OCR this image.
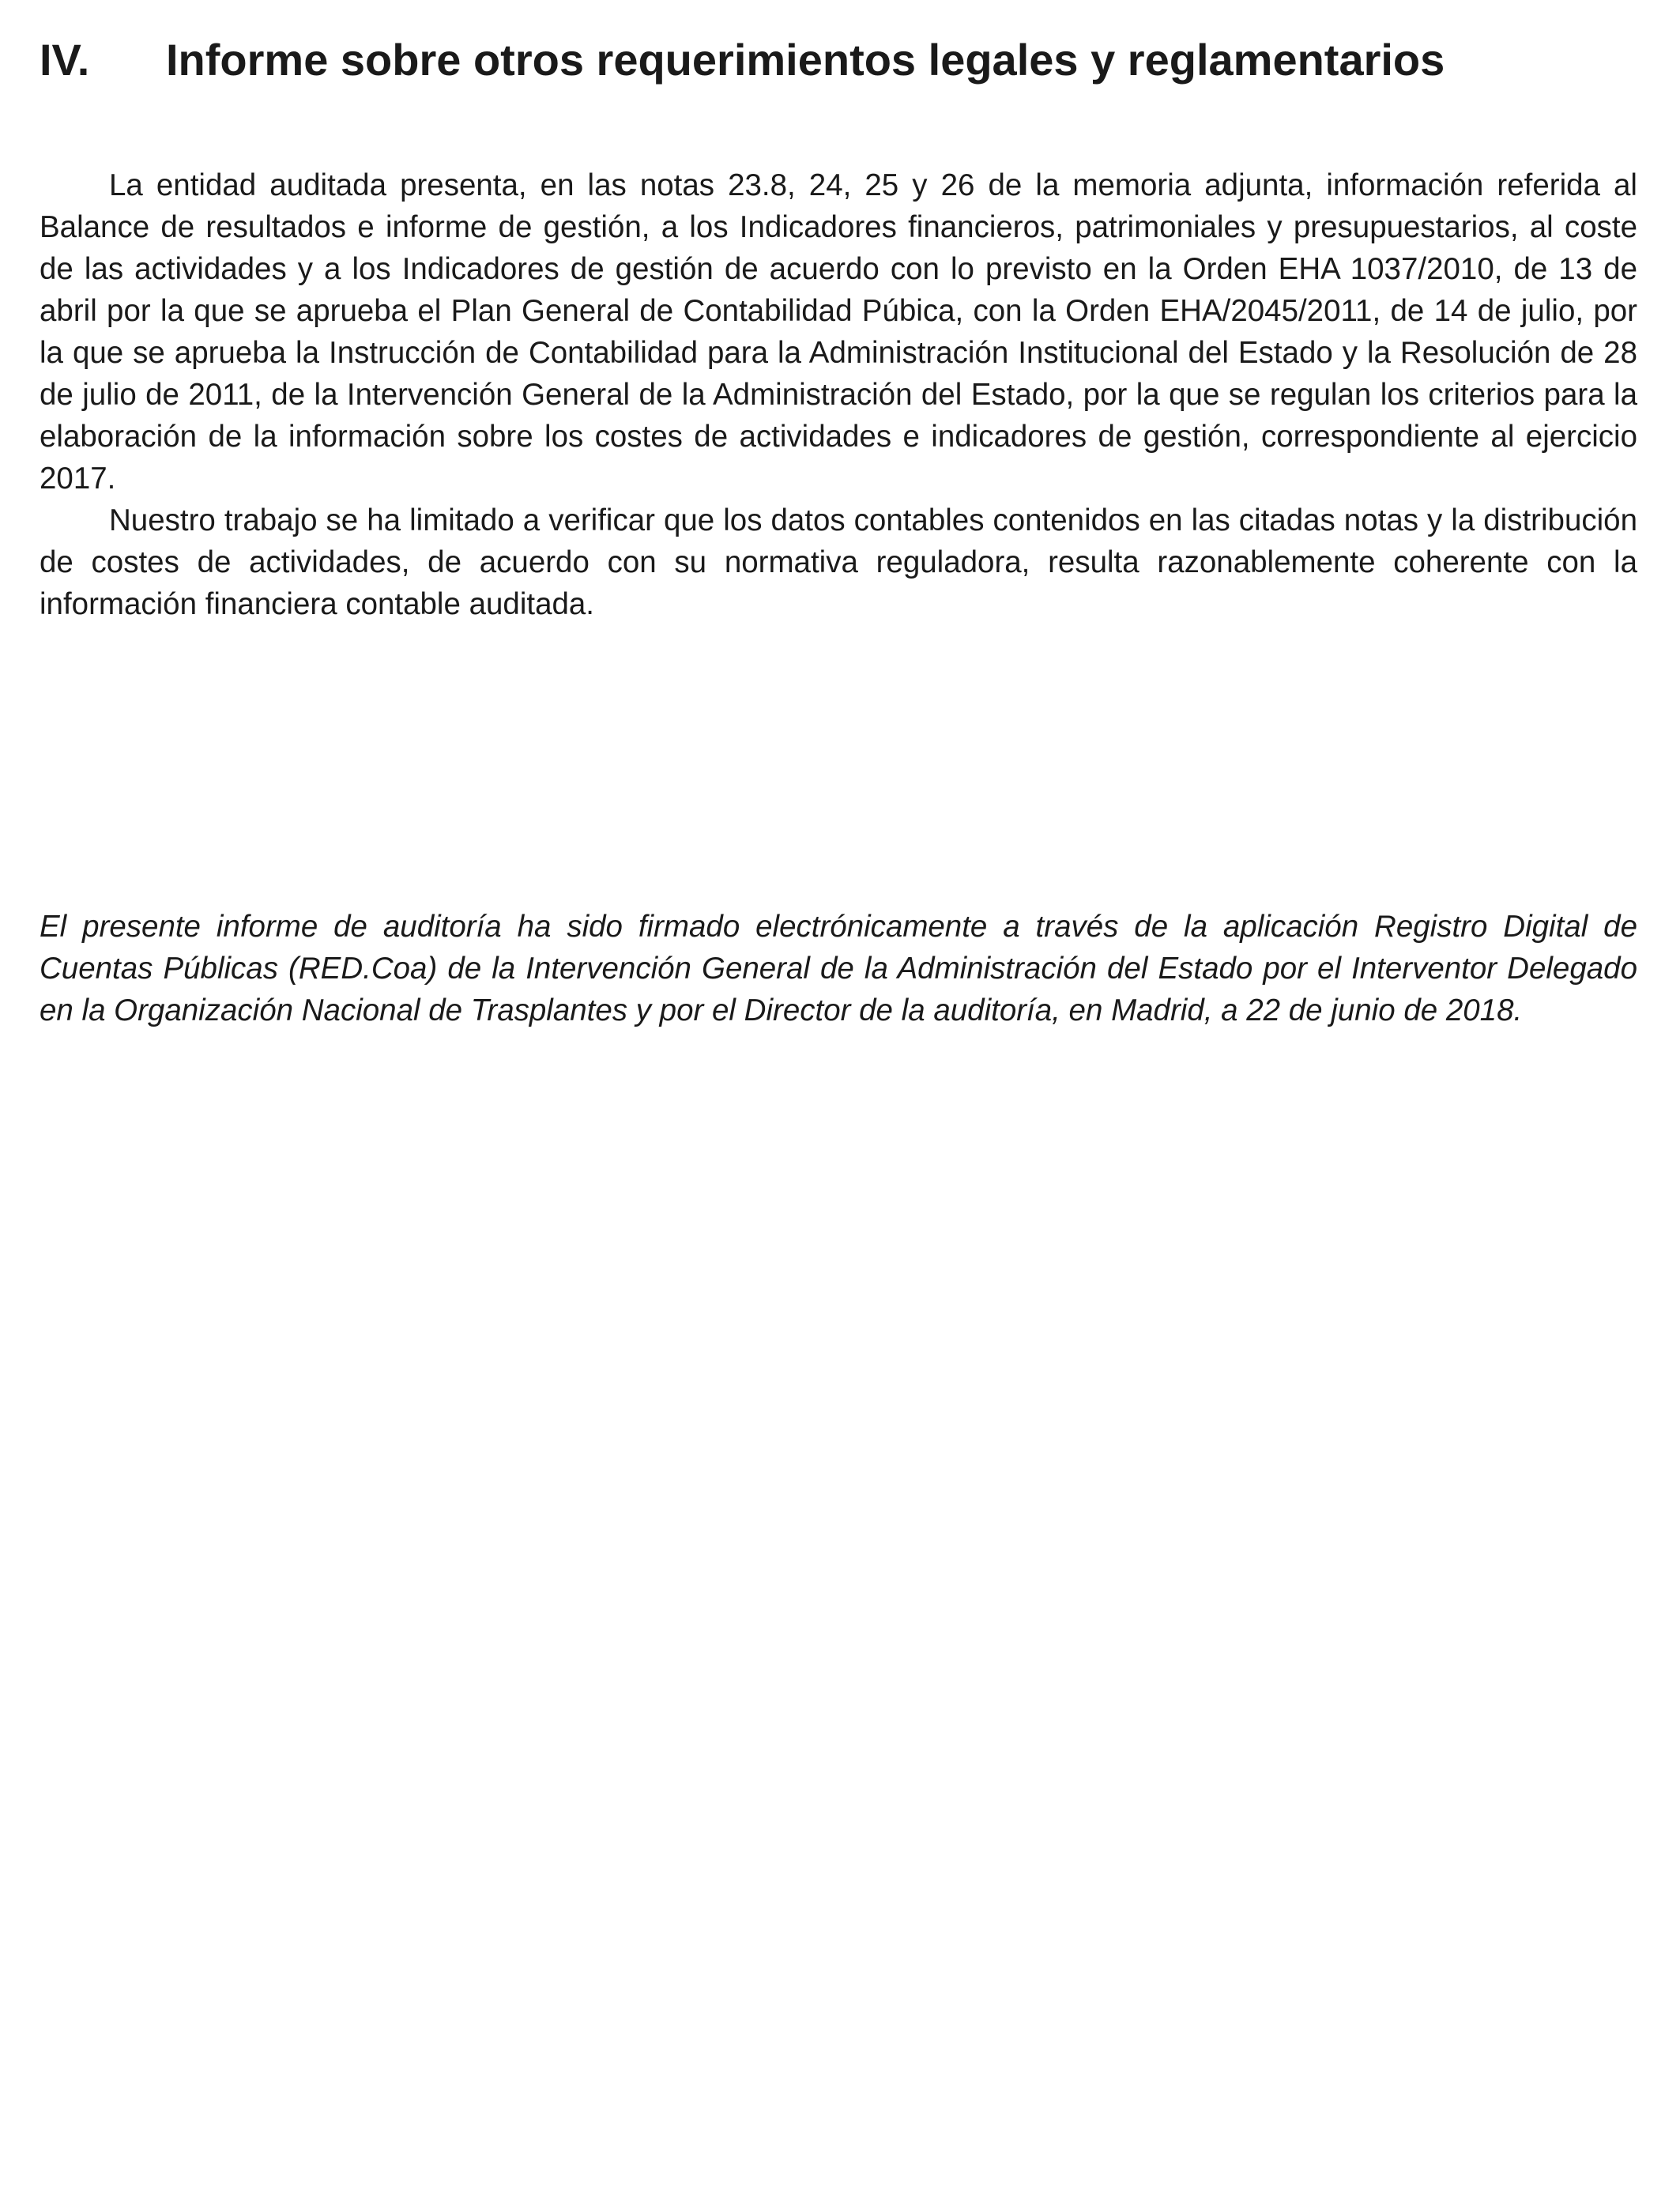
IV. Informe sobre otros requerimientos legales y reglamentarios

La entidad auditada presenta, en las notas 23.8, 24, 25 y 26 de la memoria adjunta, información referida al Balance de resultados e informe de gestión, a los Indicadores financieros, patrimoniales y presupuestarios, al coste de las actividades y a los Indicadores de gestión de acuerdo con lo previsto en la Orden EHA 1037/2010, de 13 de abril por la que se aprueba el Plan General de Contabilidad Púbica, con la Orden EHA/2045/2011, de 14 de julio, por la que se aprueba la Instrucción de Contabilidad para la Administración Institucional del Estado y la Resolución de 28 de julio de 2011, de la Intervención General de la Administración del Estado, por la que se regulan los criterios para la elaboración de la información sobre los costes de actividades e indicadores de gestión, correspondiente al ejercicio 2017.

Nuestro trabajo se ha limitado a verificar que los datos contables contenidos en las citadas notas y la distribución de costes de actividades, de acuerdo con su normativa reguladora, resulta razonablemente coherente con la información financiera contable auditada.

El presente informe de auditoría ha sido firmado electrónicamente a través de la aplicación Registro Digital de Cuentas Públicas (RED.Coa) de la Intervención General de la Administración del Estado por el Interventor Delegado en la Organización Nacional de Trasplantes y por el Director de la auditoría, en Madrid, a 22 de junio de 2018.
